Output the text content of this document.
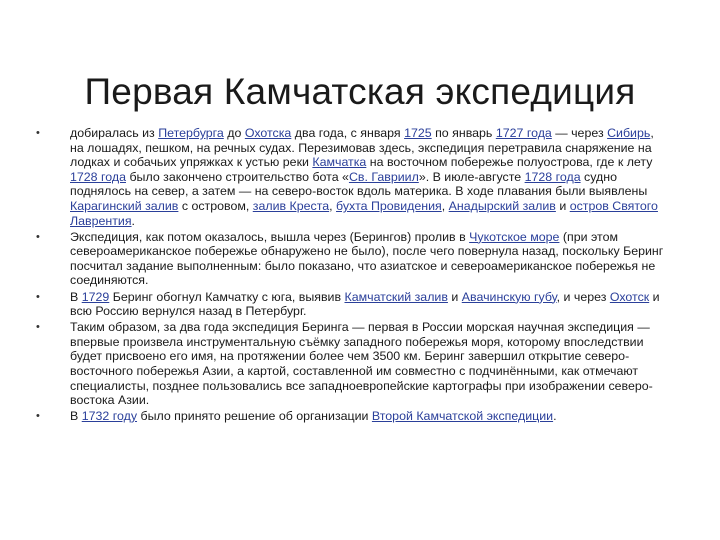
Первая Камчатская экспедиция
• добиралась из Петербурга до Охотска два года, с января 1725 по январь 1727 года — через Сибирь, на лошадях, пешком, на речных судах. Перезимовав здесь, экспедиция перетравила снаряжение на лодках и собачьих упряжках к устью реки Камчатка на восточном побережье полуострова, где к лету 1728 года было закончено строительство бота «Св. Гавриил». В июле-августе 1728 года судно поднялось на север, а затем — на северо-восток вдоль материка. В ходе плавания были выявлены Карагинский залив с островом, залив Креста, бухта Провидения, Анадырский залив и остров Святого Лаврентия.
• Экспедиция, как потом оказалось, вышла через (Берингов) пролив в Чукотское море (при этом североамериканское побережье обнаружено не было), после чего повернула назад, поскольку Беринг посчитал задание выполненным: было показано, что азиатское и североамериканское побережья не соединяются.
• В 1729 Беринг обогнул Камчатку с юга, выявив Камчатский залив и Авачинскую губу, и через Охотск и всю Россию вернулся назад в Петербург.
• Таким образом, за два года экспедиция Беринга — первая в России морская научная экспедиция — впервые произвела инструментальную съёмку западного побережья моря, которому впоследствии будет присвоено его имя, на протяжении более чем 3500 км. Беринг завершил открытие северо-восточного побережья Азии, а картой, составленной им совместно с подчинёнными, как отмечают специалисты, позднее пользовались все западноевропейские картографы при изображении северо-востока Азии.
• В 1732 году было принято решение об организации Второй Камчатской экспедиции.
